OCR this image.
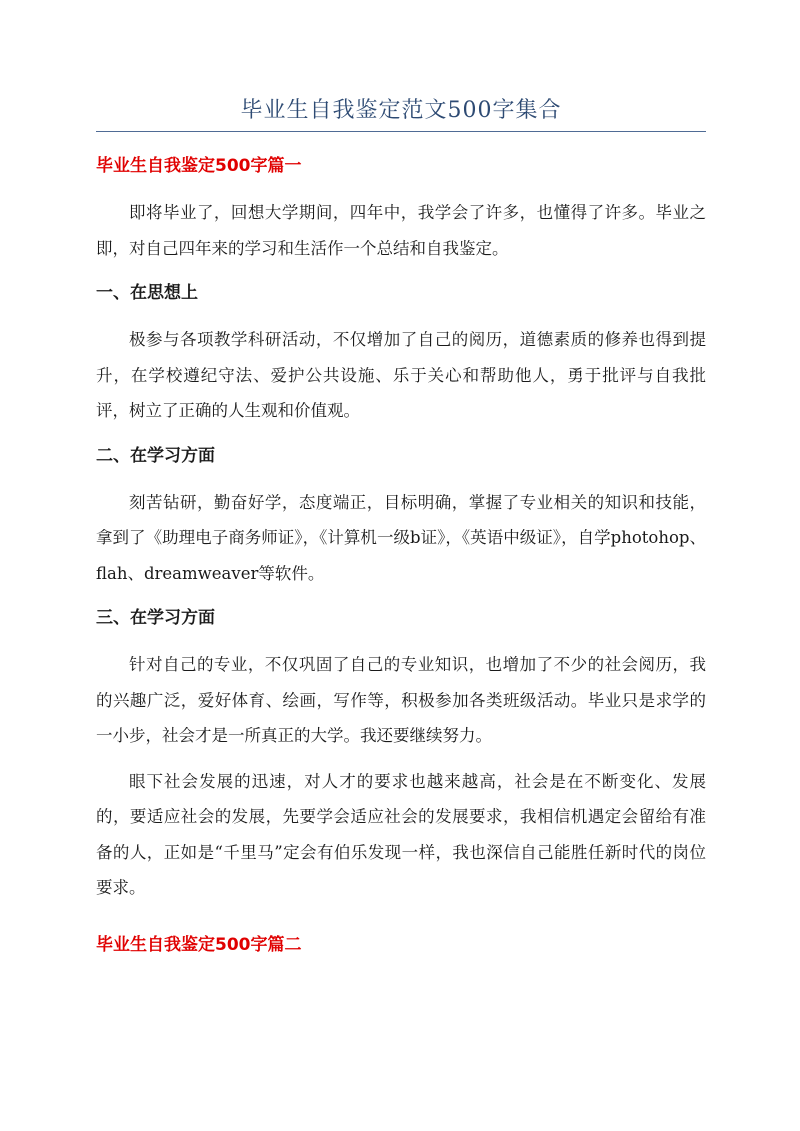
毕业生自我鉴定范文500字集合
毕业生自我鉴定500字篇一

即将毕业了，回想大学期间，四年中，我学会了许多，也懂得了许多。毕业之即，对自己四年来的学习和生活作一个总结和自我鉴定。

一、在思想上

极参与各项教学科研活动，不仅增加了自己的阅历，道德素质的修养也得到提升，在学校遵纪守法、爱护公共设施、乐于关心和帮助他人，勇于批评与自我批评，树立了正确的人生观和价值观。

二、在学习方面

刻苦钻研，勤奋好学，态度端正，目标明确，掌握了专业相关的知识和技能，拿到了《助理电子商务师证》，《计算机一级b证》，《英语中级证》，自学photohop、flah、dreamweaver等软件。

三、在学习方面

针对自己的专业，不仅巩固了自己的专业知识，也增加了不少的社会阅历，我的兴趣广泛，爱好体育、绘画，写作等，积极参加各类班级活动。毕业只是求学的一小步，社会才是一所真正的大学。我还要继续努力。

眼下社会发展的迅速，对人才的要求也越来越高，社会是在不断变化、发展的，要适应社会的发展，先要学会适应社会的发展要求，我相信机遇定会留给有准备的人，正如是“千里马”定会有伯乐发现一样，我也深信自己能胜任新时代的岗位要求。

毕业生自我鉴定500字篇二
